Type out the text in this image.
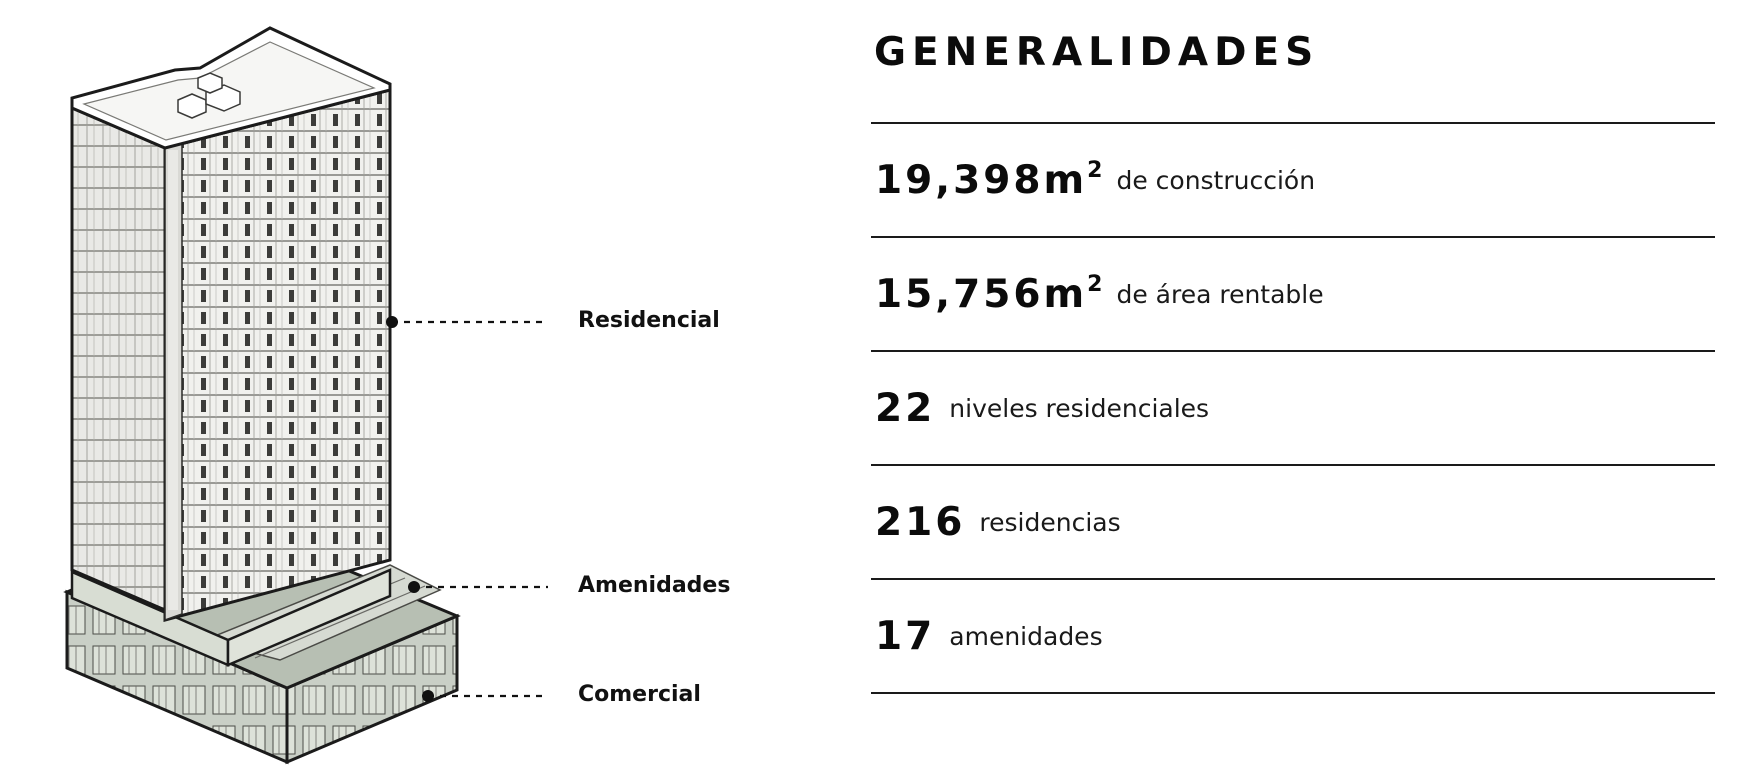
Residencial
Amenidades
Comercial
GENERALIDADES
$19,398m^2$ de construcción
$15,756m^2$ de área rentable
22 niveles residenciales
216 residencias
17 amenidades
